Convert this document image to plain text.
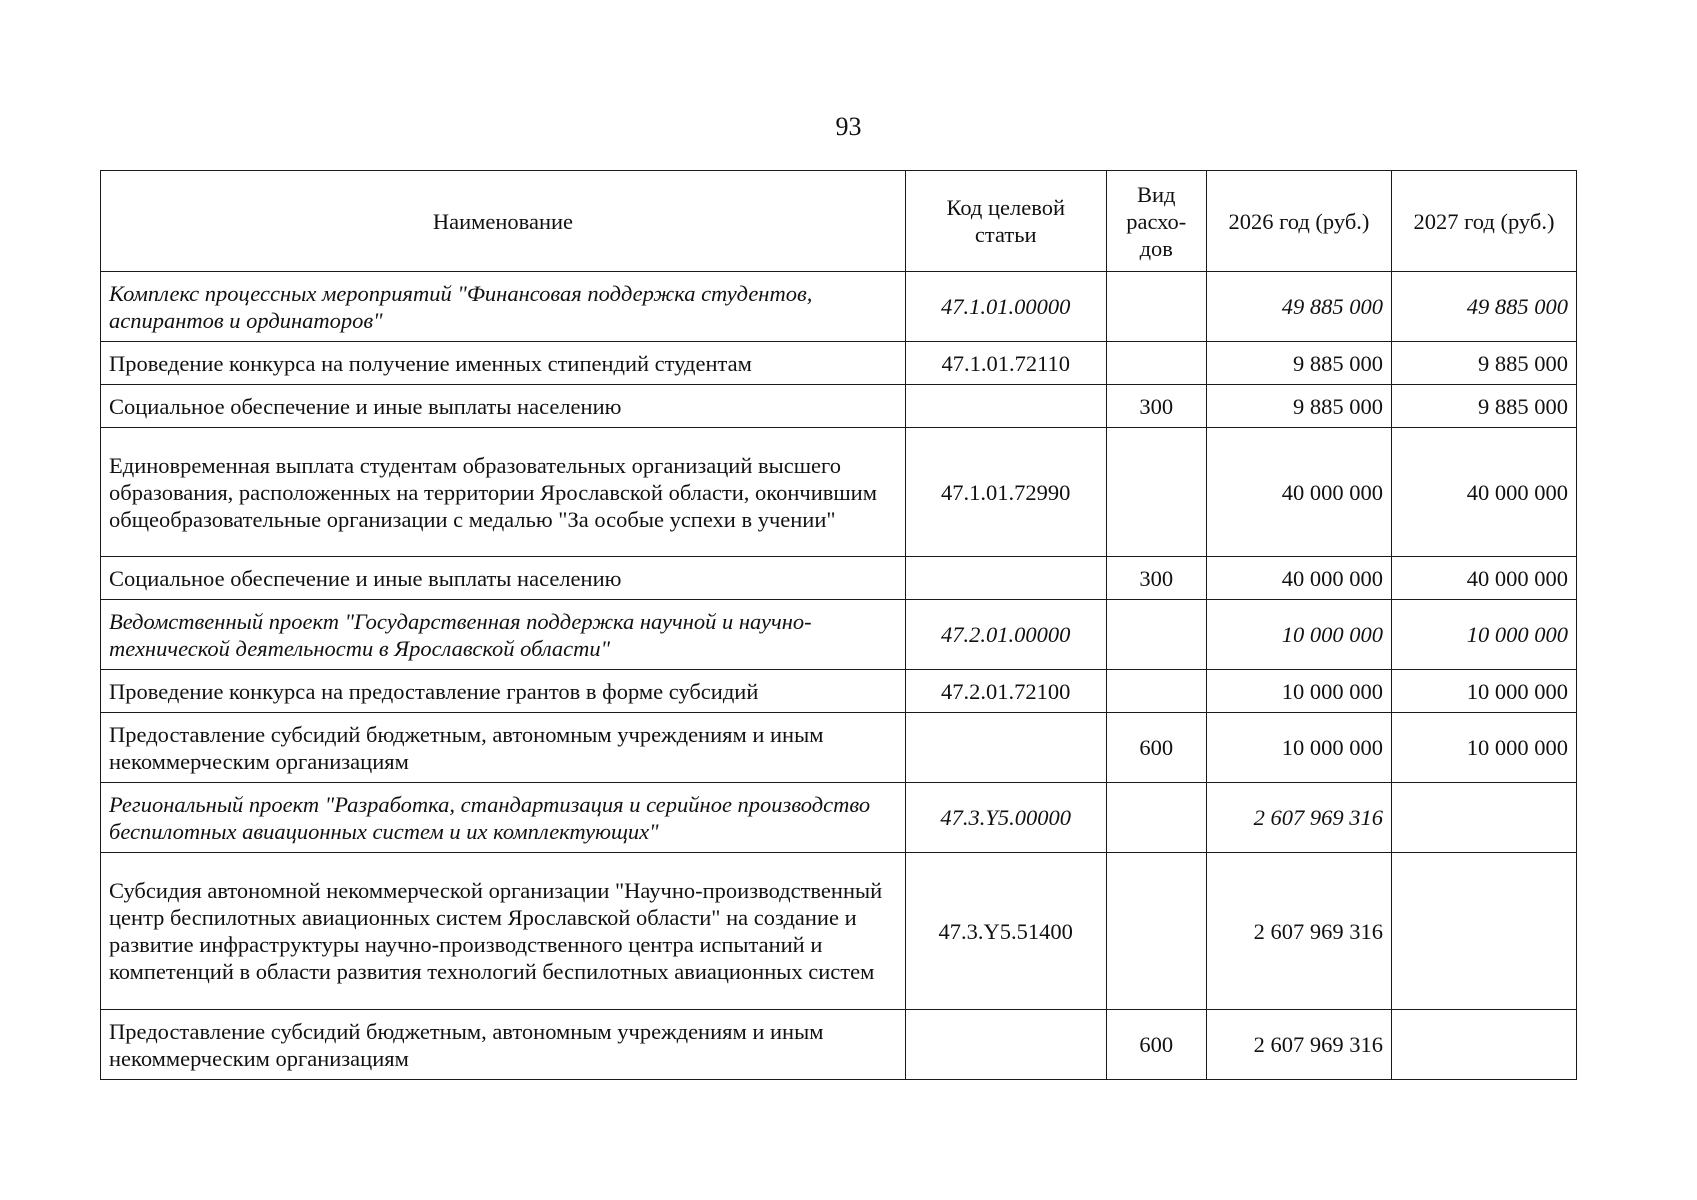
93
Наименование	Код целевой статьи	Вид расхо-дов	2026 год (руб.)	2027 год (руб.)
Комплекс процессных мероприятий "Финансовая поддержка студентов, аспирантов и ординаторов"	47.1.01.00000		49 885 000	49 885 000
Проведение конкурса на получение именных стипендий студентам	47.1.01.72110		9 885 000	9 885 000
Социальное обеспечение и иные выплаты населению		300	9 885 000	9 885 000
Единовременная выплата студентам образовательных организаций высшего образования, расположенных на территории Ярославской области, окончившим общеобразовательные организации с медалью "За особые успехи в учении"	47.1.01.72990		40 000 000	40 000 000
Социальное обеспечение и иные выплаты населению		300	40 000 000	40 000 000
Ведомственный проект "Государственная поддержка научной и научно-технической деятельности в Ярославской области"	47.2.01.00000		10 000 000	10 000 000
Проведение конкурса на предоставление грантов в форме субсидий	47.2.01.72100		10 000 000	10 000 000
Предоставление субсидий бюджетным, автономным учреждениям и иным некоммерческим организациям		600	10 000 000	10 000 000
Региональный проект "Разработка, стандартизация и серийное производство беспилотных авиационных систем и их комплектующих"	47.3.Y5.00000		2 607 969 316	
Субсидия автономной некоммерческой организации "Научно-производственный центр беспилотных авиационных систем Ярославской области" на создание и развитие инфраструктуры научно-производственного центра испытаний и компетенций в области развития технологий беспилотных авиационных систем	47.3.Y5.51400		2 607 969 316	
Предоставление субсидий бюджетным, автономным учреждениям и иным некоммерческим организациям		600	2 607 969 316	
